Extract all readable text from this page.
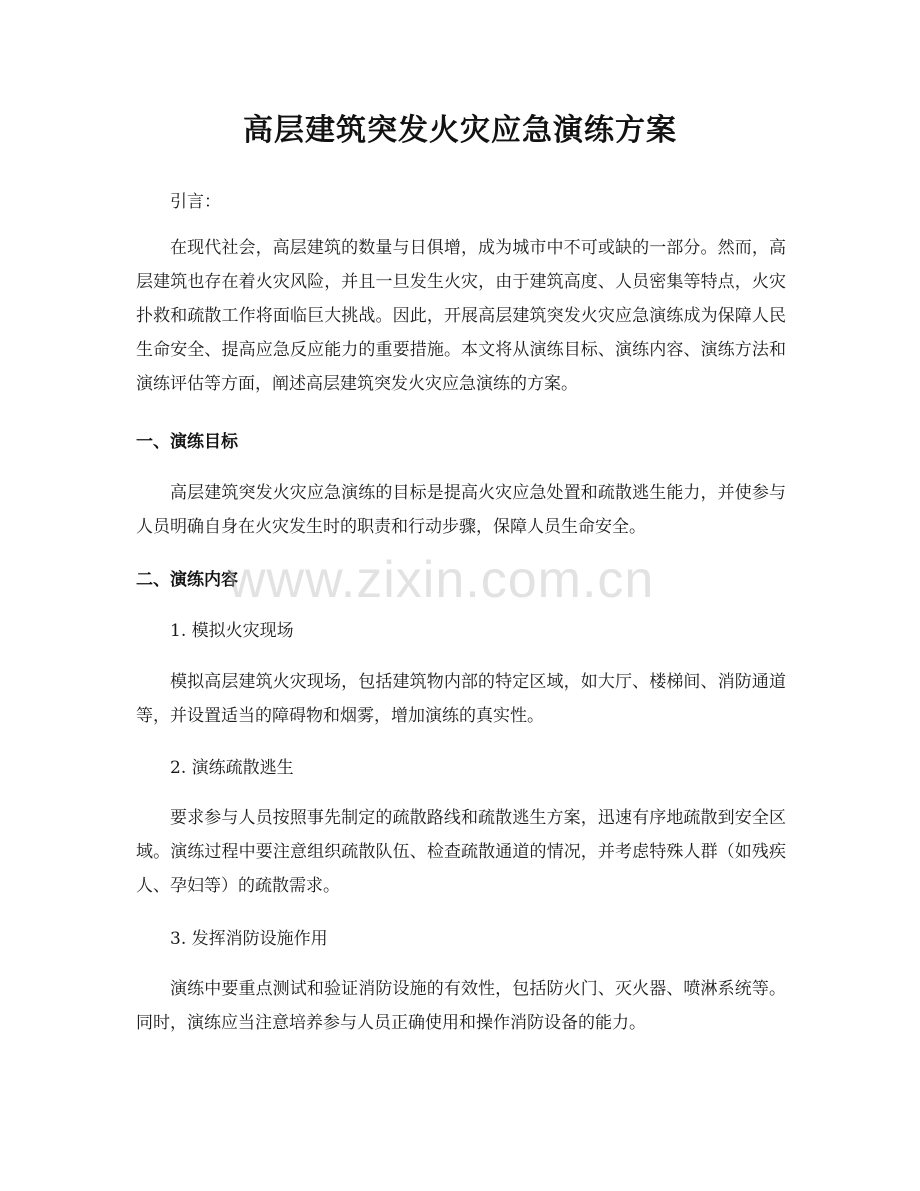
高层建筑突发火灾应急演练方案
引言：

在现代社会，高层建筑的数量与日俱增，成为城市中不可或缺的一部分。然而，高层建筑也存在着火灾风险，并且一旦发生火灾，由于建筑高度、人员密集等特点，火灾扑救和疏散工作将面临巨大挑战。因此，开展高层建筑突发火灾应急演练成为保障人民生命安全、提高应急反应能力的重要措施。本文将从演练目标、演练内容、演练方法和演练评估等方面，阐述高层建筑突发火灾应急演练的方案。

一、演练目标

高层建筑突发火灾应急演练的目标是提高火灾应急处置和疏散逃生能力，并使参与人员明确自身在火灾发生时的职责和行动步骤，保障人员生命安全。

二、演练内容
1. 模拟火灾现场

模拟高层建筑火灾现场，包括建筑物内部的特定区域，如大厅、楼梯间、消防通道等，并设置适当的障碍物和烟雾，增加演练的真实性。

2. 演练疏散逃生

要求参与人员按照事先制定的疏散路线和疏散逃生方案，迅速有序地疏散到安全区域。演练过程中要注意组织疏散队伍、检查疏散通道的情况，并考虑特殊人群（如残疾人、孕妇等）的疏散需求。

3. 发挥消防设施作用

演练中要重点测试和验证消防设施的有效性，包括防火门、灭火器、喷淋系统等。同时，演练应当注意培养参与人员正确使用和操作消防设备的能力。

www.zixin.com.cn
